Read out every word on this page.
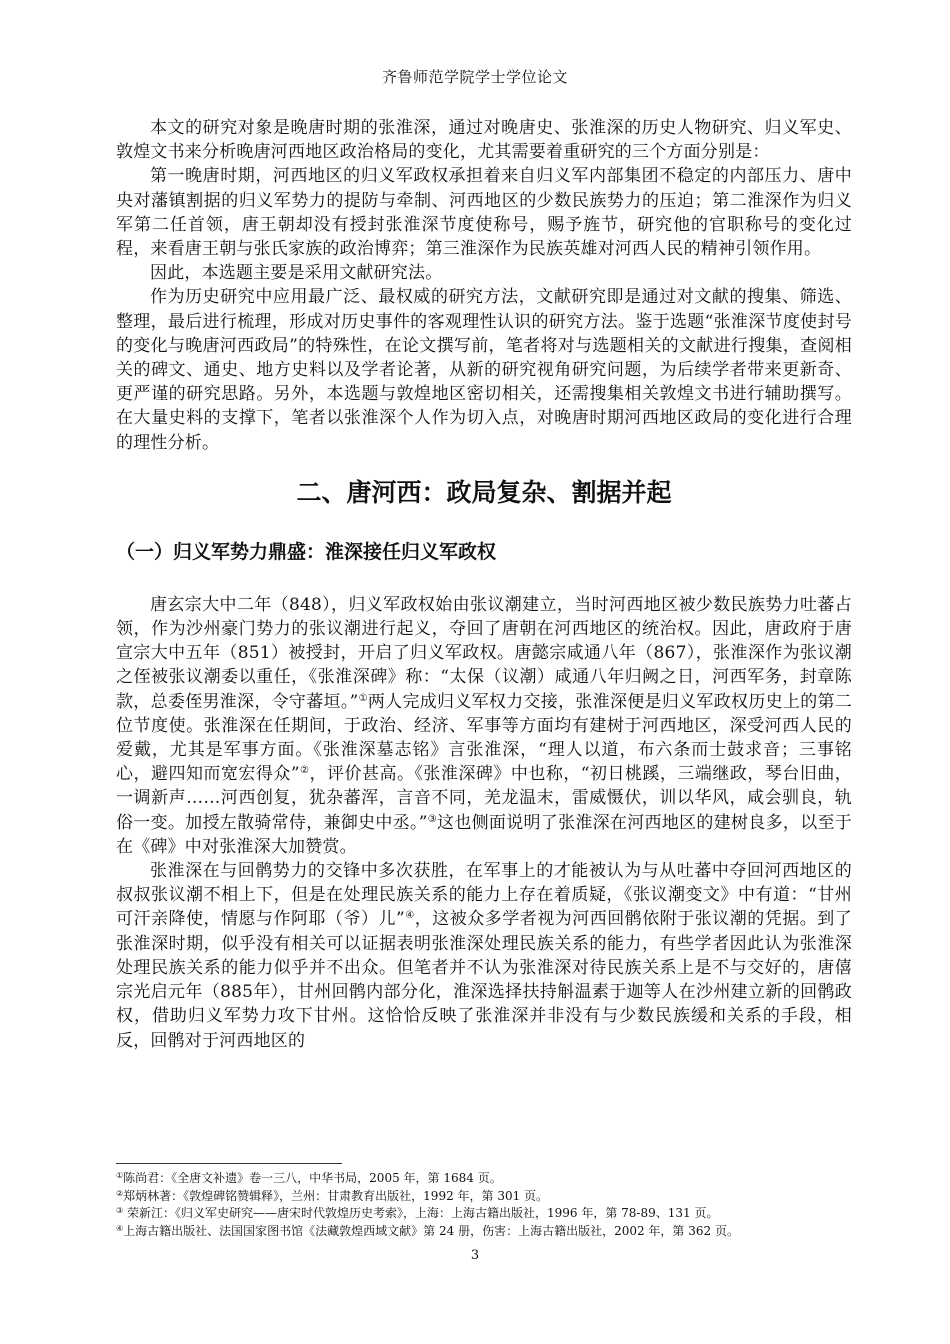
齐鲁师范学院学士学位论文

本文的研究对象是晚唐时期的张淮深，通过对晚唐史、张淮深的历史人物研究、归义军史、敦煌文书来分析晚唐河西地区政治格局的变化，尤其需要着重研究的三个方面分别是：

第一晚唐时期，河西地区的归义军政权承担着来自归义军内部集团不稳定的内部压力、唐中央对藩镇割据的归义军势力的提防与牵制、河西地区的少数民族势力的压迫；第二淮深作为归义军第二任首领，唐王朝却没有授封张淮深节度使称号，赐予旌节，研究他的官职称号的变化过程，来看唐王朝与张氏家族的政治博弈；第三淮深作为民族英雄对河西人民的精神引领作用。

因此，本选题主要是采用文献研究法。

作为历史研究中应用最广泛、最权威的研究方法，文献研究即是通过对文献的搜集、筛选、整理，最后进行梳理，形成对历史事件的客观理性认识的研究方法。鉴于选题“张淮深节度使封号的变化与晚唐河西政局”的特殊性，在论文撰写前，笔者将对与选题相关的文献进行搜集，查阅相关的碑文、通史、地方史料以及学者论著，从新的研究视角研究问题，为后续学者带来更新奇、更严谨的研究思路。另外，本选题与敦煌地区密切相关，还需搜集相关敦煌文书进行辅助撰写。在大量史料的支撑下，笔者以张淮深个人作为切入点，对晚唐时期河西地区政局的变化进行合理的理性分析。

二、唐河西：政局复杂、割据并起
（一）归义军势力鼎盛：淮深接任归义军政权

唐玄宗大中二年（848），归义军政权始由张议潮建立，当时河西地区被少数民族势力吐蕃占领，作为沙州豪门势力的张议潮进行起义，夺回了唐朝在河西地区的统治权。因此，唐政府于唐宣宗大中五年（851）被授封，开启了归义军政权。唐懿宗咸通八年（867），张淮深作为张议潮之侄被张议潮委以重任，《张淮深碑》称：“太保（议潮）咸通八年归阙之日，河西军务，封章陈款，总委侄男淮深，令守蕃垣。”①两人完成归义军权力交接，张淮深便是归义军政权历史上的第二位节度使。张淮深在任期间，于政治、经济、军事等方面均有建树于河西地区，深受河西人民的爱戴，尤其是军事方面。《张淮深墓志铭》言张淮深，“理人以道，布六条而士鼓求音；三事铭心，避四知而宽宏得众”②，评价甚高。《张淮深碑》中也称，“初日桃蹊，三端继政，琴台旧曲，一调新声……河西创复，犹杂蕃浑，言音不同，羌龙温末，雷威慑伏，训以华风，咸会驯良，轨俗一变。加授左散骑常侍，兼御史中丞。”③这也侧面说明了张淮深在河西地区的建树良多，以至于在《碑》中对张淮深大加赞赏。

张淮深在与回鹘势力的交锋中多次获胜，在军事上的才能被认为与从吐蕃中夺回河西地区的叔叔张议潮不相上下，但是在处理民族关系的能力上存在着质疑，《张议潮变文》中有道：“甘州可汗亲降使，情愿与作阿耶（爷）儿”④，这被众多学者视为河西回鹘依附于张议潮的凭据。到了张淮深时期，似乎没有相关可以证据表明张淮深处理民族关系的能力，有些学者因此认为张淮深处理民族关系的能力似乎并不出众。但笔者并不认为张淮深对待民族关系上是不与交好的，唐僖宗光启元年（885年），甘州回鹘内部分化，淮深选择扶持斛温素于迦等人在沙州建立新的回鹘政权，借助归义军势力攻下甘州。这恰恰反映了张淮深并非没有与少数民族缓和关系的手段，相反，回鹘对于河西地区的

①陈尚君：《全唐文补遗》卷一三八，中华书局，2005 年，第 1684 页。
②郑炳林著：《敦煌碑铭赞辑释》，兰州：甘肃教育出版社，1992 年，第 301 页。
③ 荣新江：《归义军史研究——唐宋时代敦煌历史考索》，上海：上海古籍出版社，1996 年，第 78-89、131 页。
④上海古籍出版社、法国国家图书馆《法藏敦煌西域文献》第 24 册，伤害：上海古籍出版社，2002 年，第 362 页。
3
